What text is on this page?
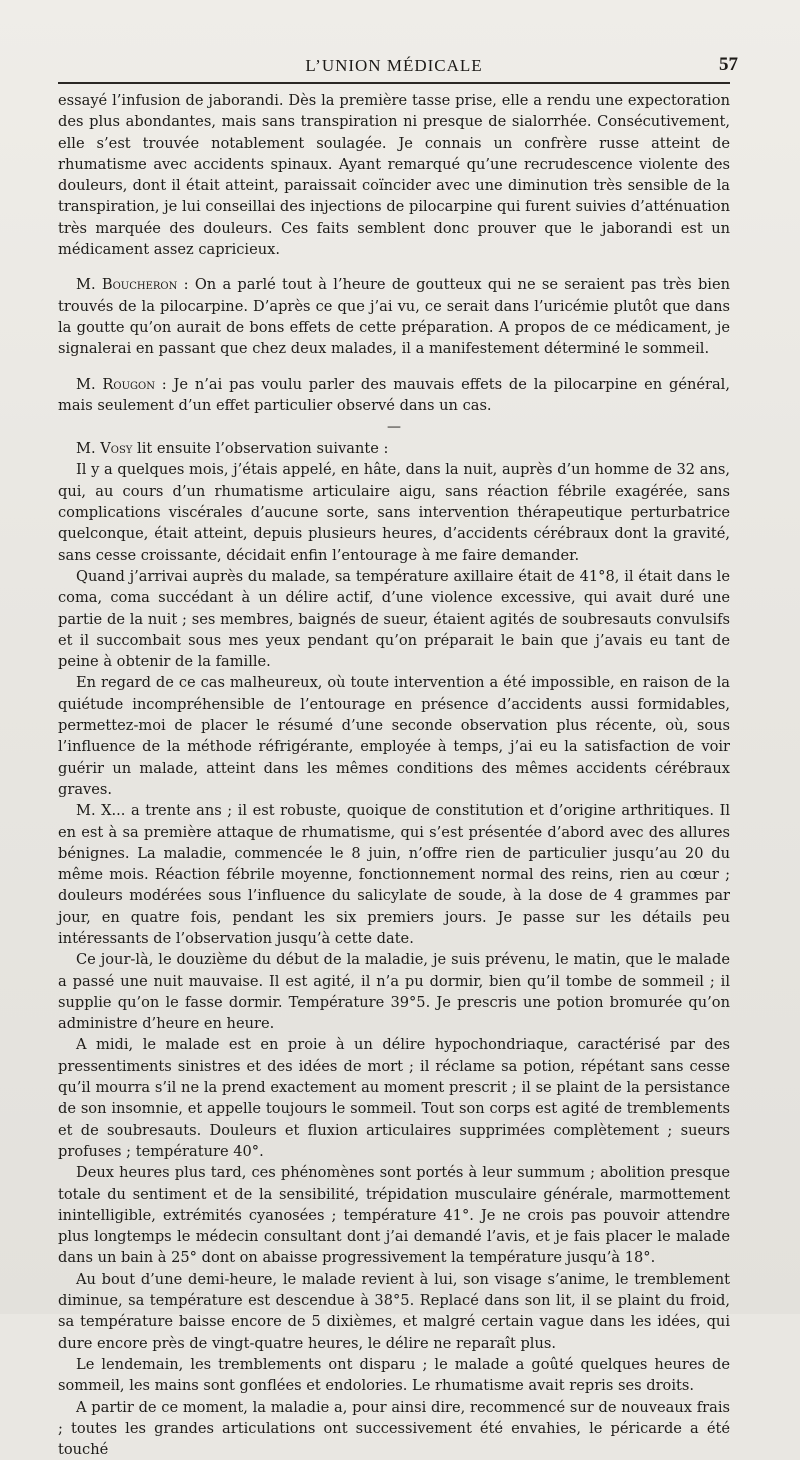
L’UNION MÉDICALE	57

essayé l’infusion de jaborandi. Dès la première tasse prise, elle a rendu une expectoration des plus abondantes, mais sans transpiration ni presque de sialorrhée. Consécutivement, elle s’est trouvée notablement soulagée. Je connais un confrère russe atteint de rhumatisme avec accidents spinaux. Ayant remarqué qu’une recrudescence violente des douleurs, dont il était atteint, paraissait coïncider avec une diminution très sensible de la transpiration, je lui conseillai des injections de pilocarpine qui furent suivies d’atténuation très marquée des douleurs. Ces faits semblent donc prouver que le jaborandi est un médicament assez capricieux.

M. Boucheron : On a parlé tout à l’heure de goutteux qui ne se seraient pas très bien trouvés de la pilocarpine. D’après ce que j’ai vu, ce serait dans l’uricémie plutôt que dans la goutte qu’on aurait de bons effets de cette préparation. A propos de ce médicament, je signalerai en passant que chez deux malades, il a manifestement déterminé le sommeil.

M. Rougon : Je n’ai pas voulu parler des mauvais effets de la pilocarpine en général, mais seulement d’un effet particulier observé dans un cas.

—

M. Vosy lit ensuite l’observation suivante :

Il y a quelques mois, j’étais appelé, en hâte, dans la nuit, auprès d’un homme de 32 ans, qui, au cours d’un rhumatisme articulaire aigu, sans réaction fébrile exagérée, sans complications viscérales d’aucune sorte, sans intervention thérapeutique perturbatrice quelconque, était atteint, depuis plusieurs heures, d’accidents cérébraux dont la gravité, sans cesse croissante, décidait enfin l’entourage à me faire demander.

Quand j’arrivai auprès du malade, sa température axillaire était de 41°8, il était dans le coma, coma succédant à un délire actif, d’une violence excessive, qui avait duré une partie de la nuit ; ses membres, baignés de sueur, étaient agités de soubresauts convulsifs et il succombait sous mes yeux pendant qu’on préparait le bain que j’avais eu tant de peine à obtenir de la famille.

En regard de ce cas malheureux, où toute intervention a été impossible, en raison de la quiétude incompréhensible de l’entourage en présence d’accidents aussi formidables, permettez-moi de placer le résumé d’une seconde observation plus récente, où, sous l’influence de la méthode réfrigérante, employée à temps, j’ai eu la satisfaction de voir guérir un malade, atteint dans les mêmes conditions des mêmes accidents cérébraux graves.

M. X... a trente ans ; il est robuste, quoique de constitution et d’origine arthritiques. Il en est à sa première attaque de rhumatisme, qui s’est présentée d’abord avec des allures bénignes. La maladie, commencée le 8 juin, n’offre rien de particulier jusqu’au 20 du même mois. Réaction fébrile moyenne, fonctionnement normal des reins, rien au cœur ; douleurs modérées sous l’influence du salicylate de soude, à la dose de 4 grammes par jour, en quatre fois, pendant les six premiers jours. Je passe sur les détails peu intéressants de l’observation jusqu’à cette date.

Ce jour-là, le douzième du début de la maladie, je suis prévenu, le matin, que le malade a passé une nuit mauvaise. Il est agité, il n’a pu dormir, bien qu’il tombe de sommeil ; il supplie qu’on le fasse dormir. Température 39°5. Je prescris une potion bromurée qu’on administre d’heure en heure.

A midi, le malade est en proie à un délire hypochondriaque, caractérisé par des pressentiments sinistres et des idées de mort ; il réclame sa potion, répétant sans cesse qu’il mourra s’il ne la prend exactement au moment prescrit ; il se plaint de la persistance de son insomnie, et appelle toujours le sommeil. Tout son corps est agité de tremblements et de soubresauts. Douleurs et fluxion articulaires supprimées complètement ; sueurs profuses ; température 40°.

Deux heures plus tard, ces phénomènes sont portés à leur summum ; abolition presque totale du sentiment et de la sensibilité, trépidation musculaire générale, marmottement inintelligible, extrémités cyanosées ; température 41°. Je ne crois pas pouvoir attendre plus longtemps le médecin consultant dont j’ai demandé l’avis, et je fais placer le malade dans un bain à 25° dont on abaisse progressivement la température jusqu’à 18°.

Au bout d’une demi-heure, le malade revient à lui, son visage s’anime, le tremblement diminue, sa température est descendue à 38°5. Replacé dans son lit, il se plaint du froid, sa température baisse encore de 5 dixièmes, et malgré certain vague dans les idées, qui dure encore près de vingt-quatre heures, le délire ne reparaît plus.

Le lendemain, les tremblements ont disparu ; le malade a goûté quelques heures de sommeil, les mains sont gonflées et endolories. Le rhumatisme avait repris ses droits.

A partir de ce moment, la maladie a, pour ainsi dire, recommencé sur de nouveaux frais ; toutes les grandes articulations ont successivement été envahies, le péricarde a été touché
